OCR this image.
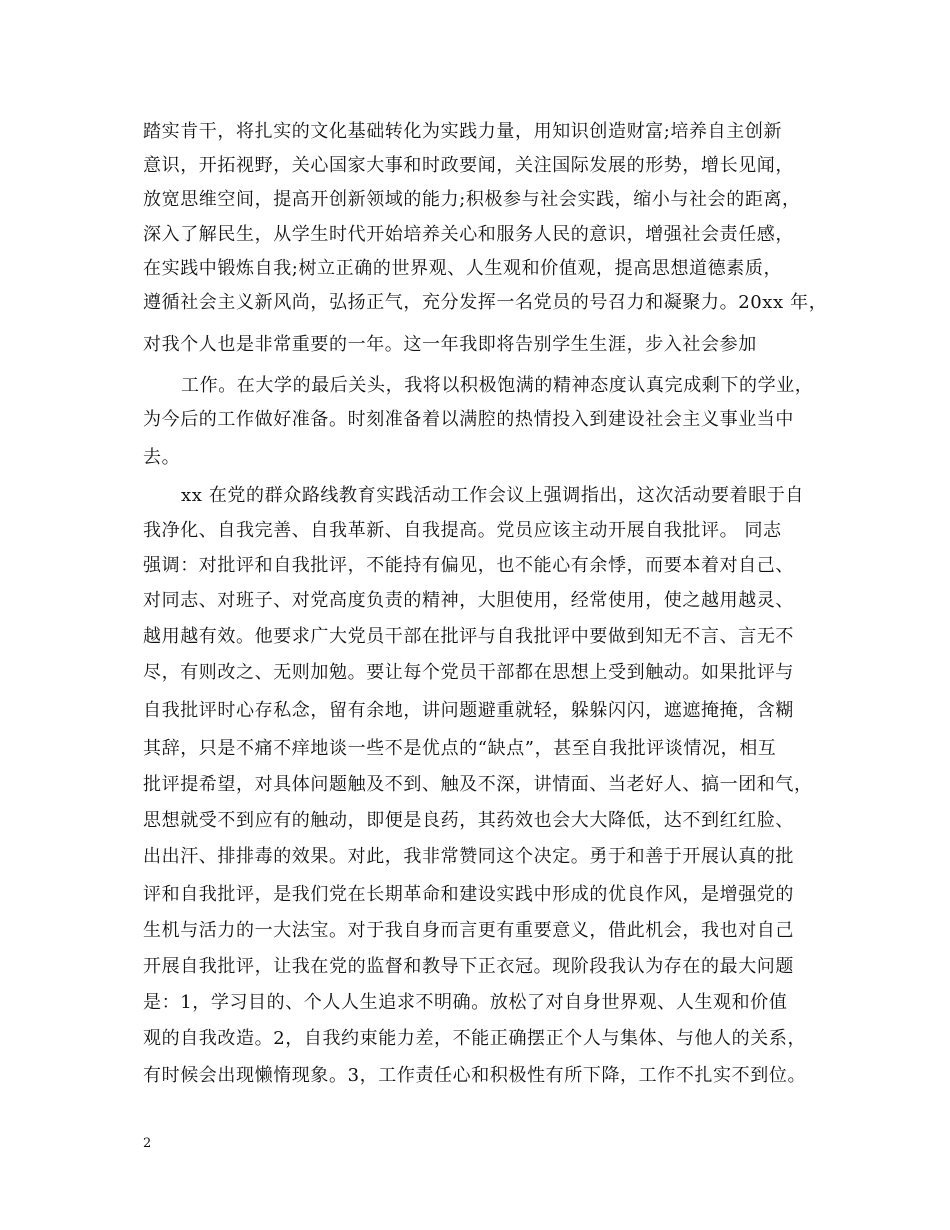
踏实肯干，将扎实的文化基础转化为实践力量，用知识创造财富;培养自主创新
意识，开拓视野，关心国家大事和时政要闻，关注国际发展的形势，增长见闻，
放宽思维空间，提高开创新领域的能力;积极参与社会实践，缩小与社会的距离，
深入了解民生，从学生时代开始培养关心和服务人民的意识，增强社会责任感，
在实践中锻炼自我;树立正确的世界观、人生观和价值观，提高思想道德素质，
遵循社会主义新风尚，弘扬正气，充分发挥一名党员的号召力和凝聚力。20xx 年，
对我个人也是非常重要的一年。这一年我即将告别学生生涯，步入社会参加
工作。在大学的最后关头，我将以积极饱满的精神态度认真完成剩下的学业，
为今后的工作做好准备。时刻准备着以满腔的热情投入到建设社会主义事业当中
去。
xx 在党的群众路线教育实践活动工作会议上强调指出，这次活动要着眼于自
我净化、自我完善、自我革新、自我提高。党员应该主动开展自我批评。 同志
强调：对批评和自我批评，不能持有偏见，也不能心有余悸，而要本着对自己、
对同志、对班子、对党高度负责的精神，大胆使用，经常使用，使之越用越灵、
越用越有效。他要求广大党员干部在批评与自我批评中要做到知无不言、言无不
尽，有则改之、无则加勉。要让每个党员干部都在思想上受到触动。如果批评与
自我批评时心存私念，留有余地，讲问题避重就轻，躲躲闪闪，遮遮掩掩，含糊
其辞，只是不痛不痒地谈一些不是优点的“缺点”，甚至自我批评谈情况，相互
批评提希望，对具体问题触及不到、触及不深，讲情面、当老好人、搞一团和气，
思想就受不到应有的触动，即便是良药，其药效也会大大降低，达不到红红脸、
出出汗、排排毒的效果。对此，我非常赞同这个决定。勇于和善于开展认真的批
评和自我批评，是我们党在长期革命和建设实践中形成的优良作风，是增强党的
生机与活力的一大法宝。对于我自身而言更有重要意义，借此机会，我也对自己
开展自我批评，让我在党的监督和教导下正衣冠。现阶段我认为存在的最大问题
是：1，学习目的、个人人生追求不明确。放松了对自身世界观、人生观和价值
观的自我改造。2，自我约束能力差，不能正确摆正个人与集体、与他人的关系，
有时候会出现懒惰现象。3，工作责任心和积极性有所下降，工作不扎实不到位。
2
